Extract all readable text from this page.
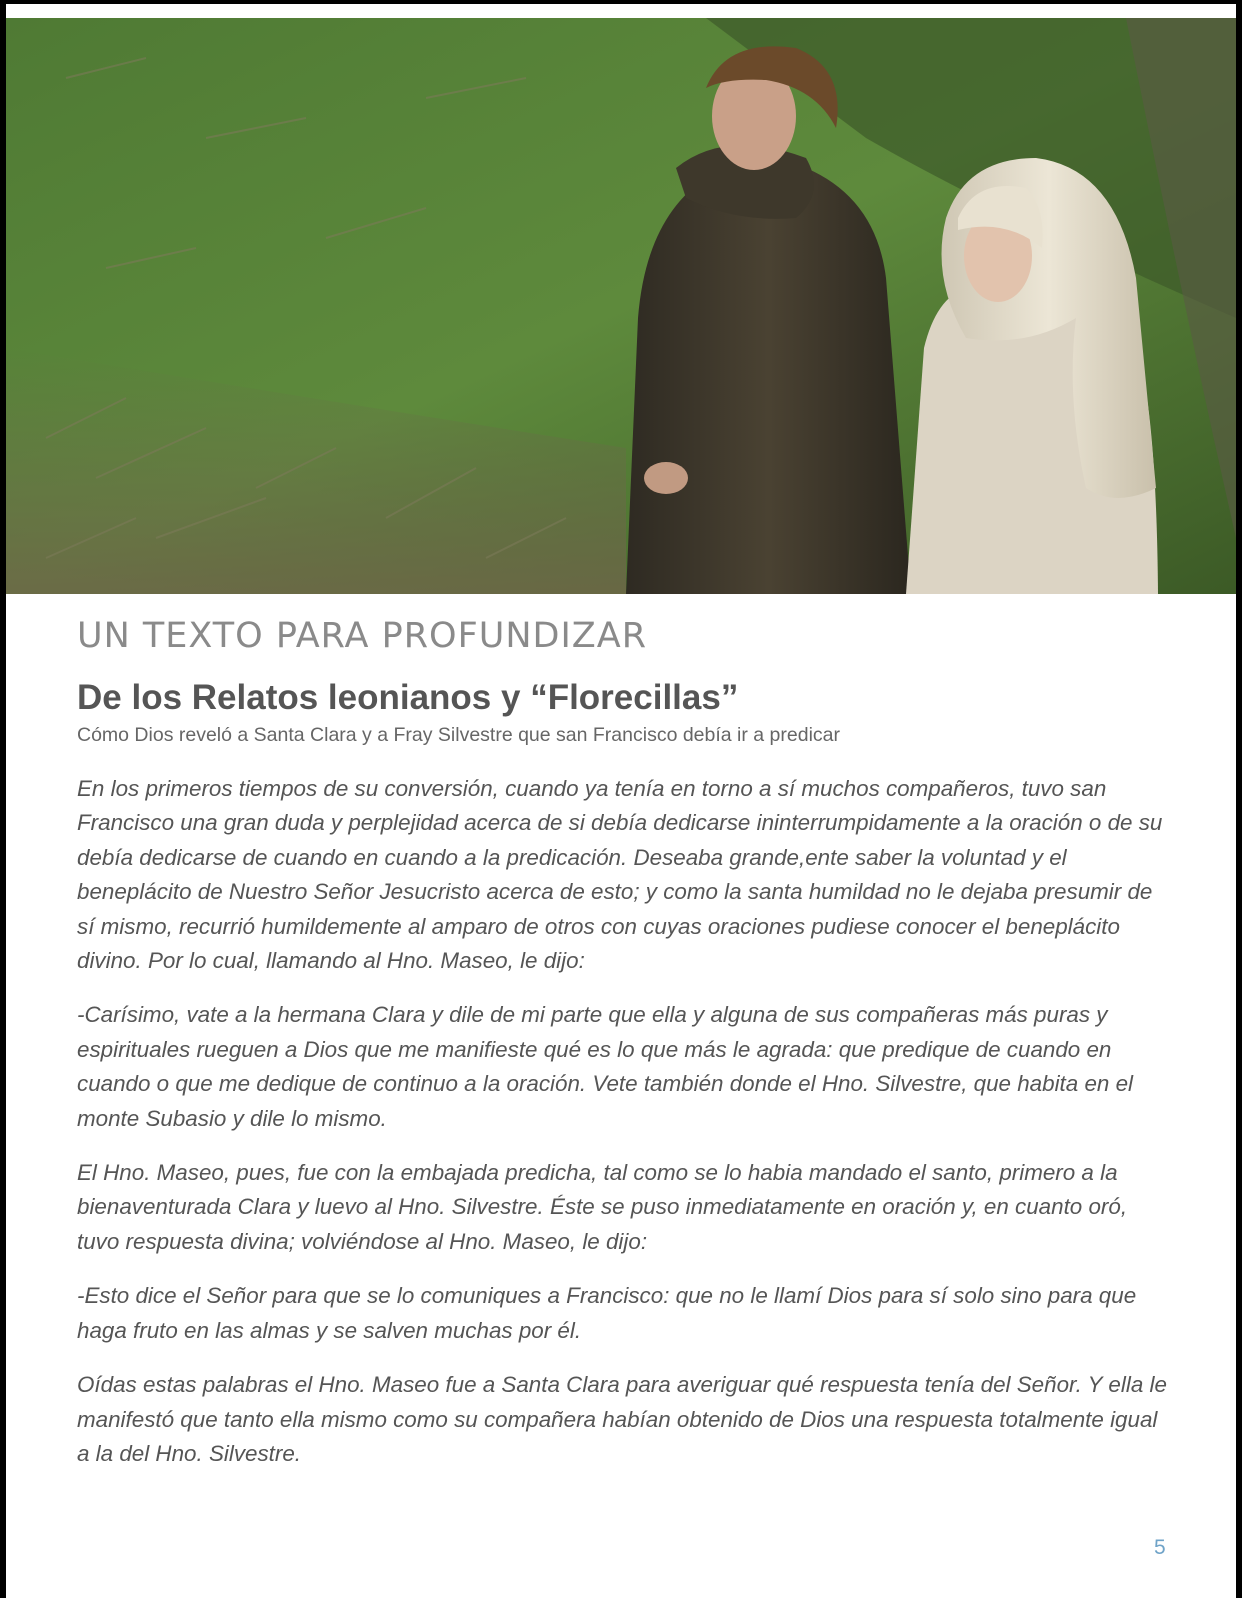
UN TEXTO PARA PROFUNDIZAR
De los Relatos leonianos y “Florecillas”

Cómo Dios reveló a Santa Clara y a Fray Silvestre que san Francisco debía ir a predicar

En los primeros tiempos de su conversión, cuando ya tenía en torno a sí muchos compañeros, tuvo san Francisco una gran duda y perplejidad acerca de si debía dedicarse ininterrumpidamente a la oración o de su debía dedicarse de cuando en cuando a la predicación. Deseaba grande,ente saber la voluntad y el beneplácito de Nuestro Señor Jesucristo acerca de esto; y como la santa humildad no le dejaba presumir de sí mismo, recurrió humildemente al amparo de otros con cuyas oraciones pudiese conocer el beneplácito divino. Por lo cual, llamando al Hno. Maseo, le dijo:

-Carísimo, vate a la hermana Clara y dile de mi parte que ella y alguna de sus compañeras más puras y espirituales rueguen a Dios que me manifieste qué es lo que más le agrada: que predique de cuando en cuando o que me dedique de continuo a la oración. Vete también donde el Hno. Silvestre, que habita en el monte Subasio y dile lo mismo.

El Hno. Maseo, pues, fue con la embajada predicha, tal como se lo habia mandado el santo, primero a la bienaventurada Clara y luevo al Hno. Silvestre. Éste se puso inmediatamente en oración y, en cuanto oró, tuvo respuesta divina; volviéndose al Hno. Maseo, le dijo:

-Esto dice el Señor para que se lo comuniques a Francisco: que no le llamí Dios para sí solo sino para que haga fruto en las almas y se salven muchas por él.

Oídas estas palabras el Hno. Maseo fue a Santa Clara para averiguar qué respuesta tenía del Señor. Y ella le manifestó que tanto ella mismo como su compañera habían obtenido de Dios una respuesta totalmente igual a la del Hno. Silvestre.

5
